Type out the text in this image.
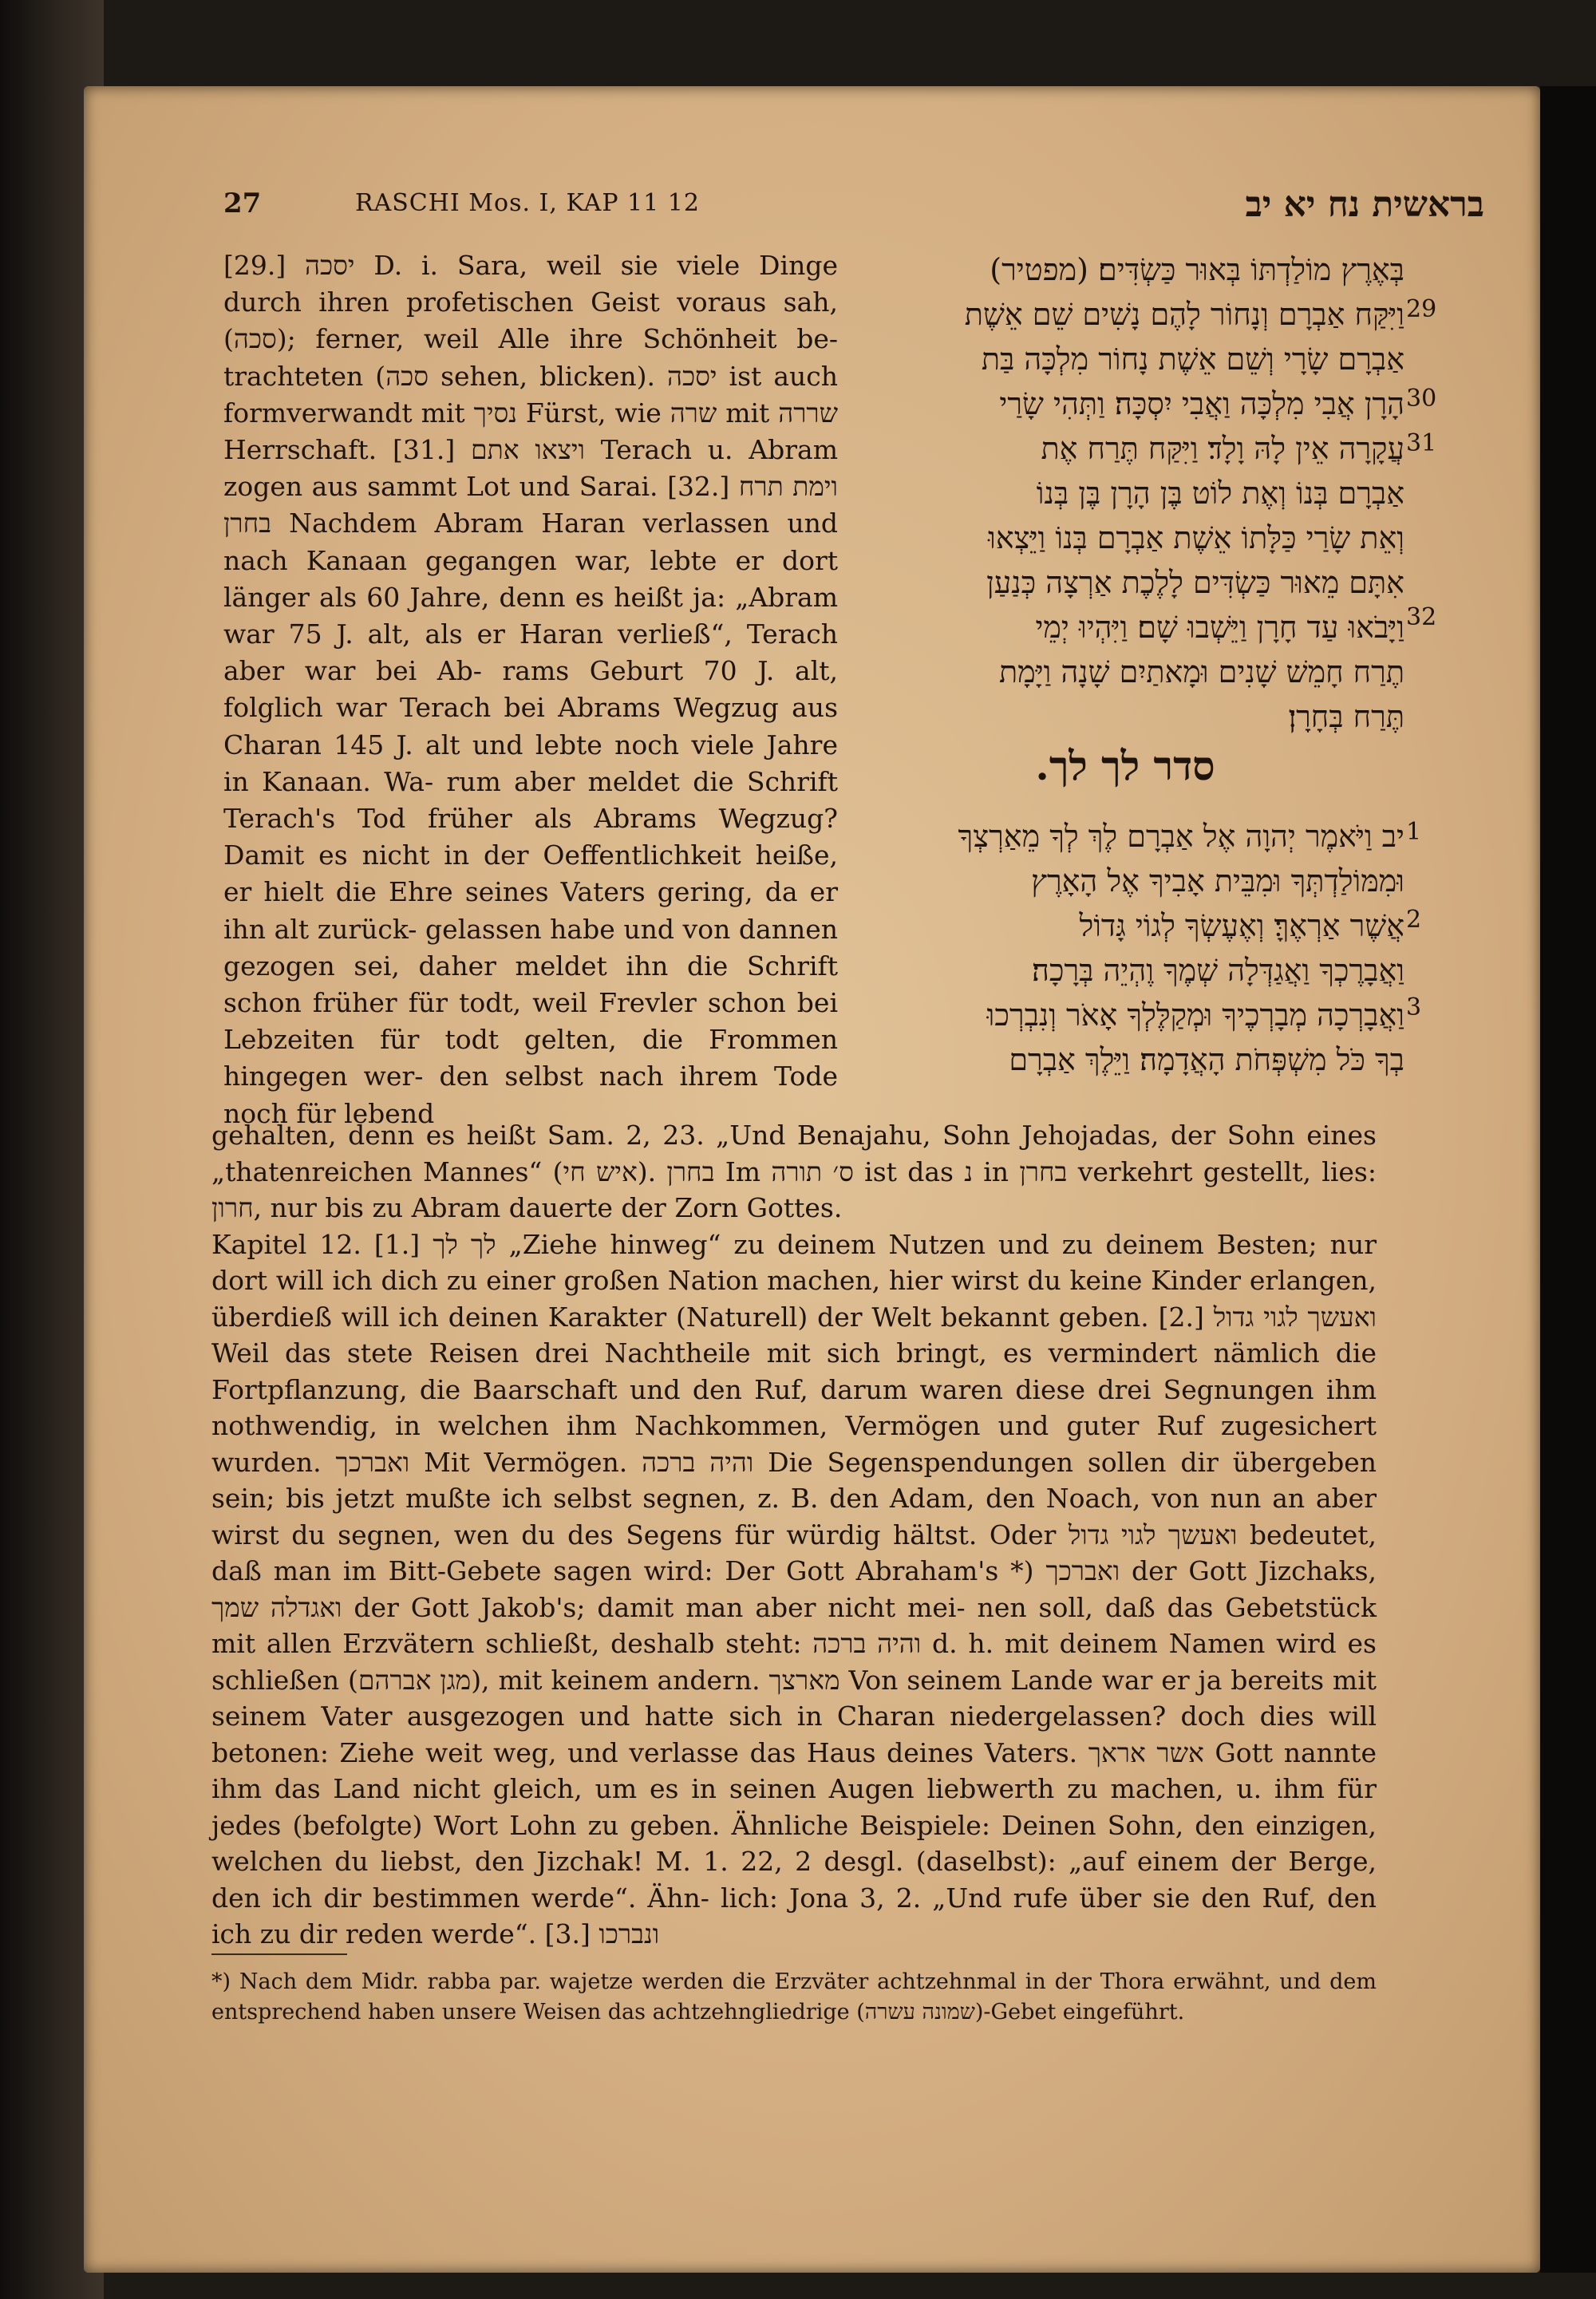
27	RASCHI Mos. I, KAP 11 12	בראשית נח יא יב

[29.] יסכה D. i. Sara, weil sie viele Dinge durch ihren profetischen Geist voraus sah, (סכה); ferner, weil Alle ihre Schönheit be- trachteten (סכה sehen, blicken). יסכה ist auch formverwandt mit נסיך Fürst, wie שרה mit שררה Herrschaft. [31.] ויצאו אתם Terach u. Abram zogen aus sammt Lot und Sarai. [32.] וימת תרח בחרן Nachdem Abram Haran verlassen und nach Kanaan gegangen war, lebte er dort länger als 60 Jahre, denn es heißt ja: „Abram war 75 J. alt, als er Haran verließ“, Terach aber war bei Ab- rams Geburt 70 J. alt, folglich war Terach bei Abrams Wegzug aus Charan 145 J. alt und lebte noch viele Jahre in Kanaan. Wa- rum aber meldet die Schrift Terach's Tod früher als Abrams Wegzug? Damit es nicht in der Oeffentlichkeit heiße, er hielt die Ehre seines Vaters gering, da er ihn alt zurück- gelassen habe und von dannen gezogen sei, daher meldet ihn die Schrift schon früher für todt, weil Frevler schon bei Lebzeiten für todt gelten, die Frommen hingegen wer- den selbst nach ihrem Tode noch für lebend

בְּאֶרֶץ מוֹלַדְתּוֹ בְּאוּר כַּשְׂדִּים׃ (מפטיר)
וַיִּקַּח אַבְרָם וְנָחוֹר לָהֶם נָשִׁים שֵׁם אֵשֶׁת
אַבְרָם שָׂרָי וְשֵׁם אֵשֶׁת נָחוֹר מִלְכָּה בַּת
הָרָן אֲבִי מִלְכָּה וַאֲבִי יִסְכָּה׃ וַתְּהִי שָׂרַי
עֲקָרָה אֵין לָהּ וָלָד׃ וַיִּקַּח תֶּרַח אֶת
אַבְרָם בְּנוֹ וְאֶת לוֹט בֶּן הָרָן בֶּן בְּנוֹ
וְאֵת שָׂרַי כַּלָּתוֹ אֵשֶׁת אַבְרָם בְּנוֹ וַיֵּצְאוּ
אִתָּם מֵאוּר כַּשְׂדִּים לָלֶכֶת אַרְצָה כְּנַעַן
וַיָּבֹאוּ עַד חָרָן וַיֵּשְׁבוּ שָׁם׃ וַיִּהְיוּ יְמֵי
תֶרַח חָמֵשׁ שָׁנִים וּמָאתַיִם שָׁנָה וַיָּמָת
תֶּרַח בְּחָרָן׃
29
30
31
32
1
2
3
סדר לך לך.
יב וַיֹּאמֶר יְהוָה אֶל אַבְרָם לֶךְ לְךָ מֵאַרְצְךָ
וּמִמּוֹלַדְתְּךָ וּמִבֵּית אָבִיךָ אֶל הָאָרֶץ
אֲשֶׁר אַרְאֶךָּ׃ וְאֶעֶשְׂךָ לְגוֹי גָּדוֹל
וַאֲבָרֶכְךָ וַאֲגַדְּלָה שְׁמֶךָ וֶהְיֵה בְּרָכָה׃
וַאֲבָרְכָה מְבָרְכֶיךָ וּמְקַלֶּלְךָ אָאֹר וְנִבְרְכוּ
בְךָ כֹּל מִשְׁפְּחֹת הָאֲדָמָה׃ וַיֵּלֶךְ אַבְרָם

gehalten, denn es heißt Sam. 2, 23. „Und Benajahu, Sohn Jehojadas, der Sohn eines „thatenreichen Mannes“ (איש חי). בחרן Im ס׳ תורה ist das נ in בחרן verkehrt gestellt, lies: חרון, nur bis zu Abram dauerte der Zorn Gottes.

Kapitel 12. [1.] לך לך „Ziehe hinweg“ zu deinem Nutzen und zu deinem Besten; nur dort will ich dich zu einer großen Nation machen, hier wirst du keine Kinder erlangen, überdieß will ich deinen Karakter (Naturell) der Welt bekannt geben. [2.] ואעשך לגוי גדול Weil das stete Reisen drei Nachtheile mit sich bringt, es vermindert nämlich die Fortpflanzung, die Baarschaft und den Ruf, darum waren diese drei Segnungen ihm nothwendig, in welchen ihm Nachkommen, Vermögen und guter Ruf zugesichert wurden. ואברכך Mit Vermögen. והיה ברכה Die Segenspendungen sollen dir übergeben sein; bis jetzt mußte ich selbst segnen, z. B. den Adam, den Noach, von nun an aber wirst du segnen, wen du des Segens für würdig hältst. Oder ואעשך לגוי גדול bedeutet, daß man im Bitt-Gebete sagen wird: Der Gott Abraham's *) ואברכך der Gott Jizchaks, ואגדלה שמך der Gott Jakob's; damit man aber nicht mei- nen soll, daß das Gebetstück mit allen Erzvätern schließt, deshalb steht: והיה ברכה d. h. mit deinem Namen wird es schließen (מגן אברהם), mit keinem andern. מארצך Von seinem Lande war er ja bereits mit seinem Vater ausgezogen und hatte sich in Charan niedergelassen? doch dies will betonen: Ziehe weit weg, und verlasse das Haus deines Vaters. אשר אראך Gott nannte ihm das Land nicht gleich, um es in seinen Augen liebwerth zu machen, u. ihm für jedes (befolgte) Wort Lohn zu geben. Ähnliche Beispiele: Deinen Sohn, den einzigen, welchen du liebst, den Jizchak! M. 1. 22, 2 desgl. (daselbst): „auf einem der Berge, den ich dir bestimmen werde“. Ähn- lich: Jona 3, 2. „Und rufe über sie den Ruf, den ich zu dir reden werde“. [3.] ונברכו

*) Nach dem Midr. rabba par. wajetze werden die Erzväter achtzehnmal in der Thora erwähnt, und dem entsprechend haben unsere Weisen das achtzehngliedrige (שמונה עשרה)-Gebet eingeführt.
